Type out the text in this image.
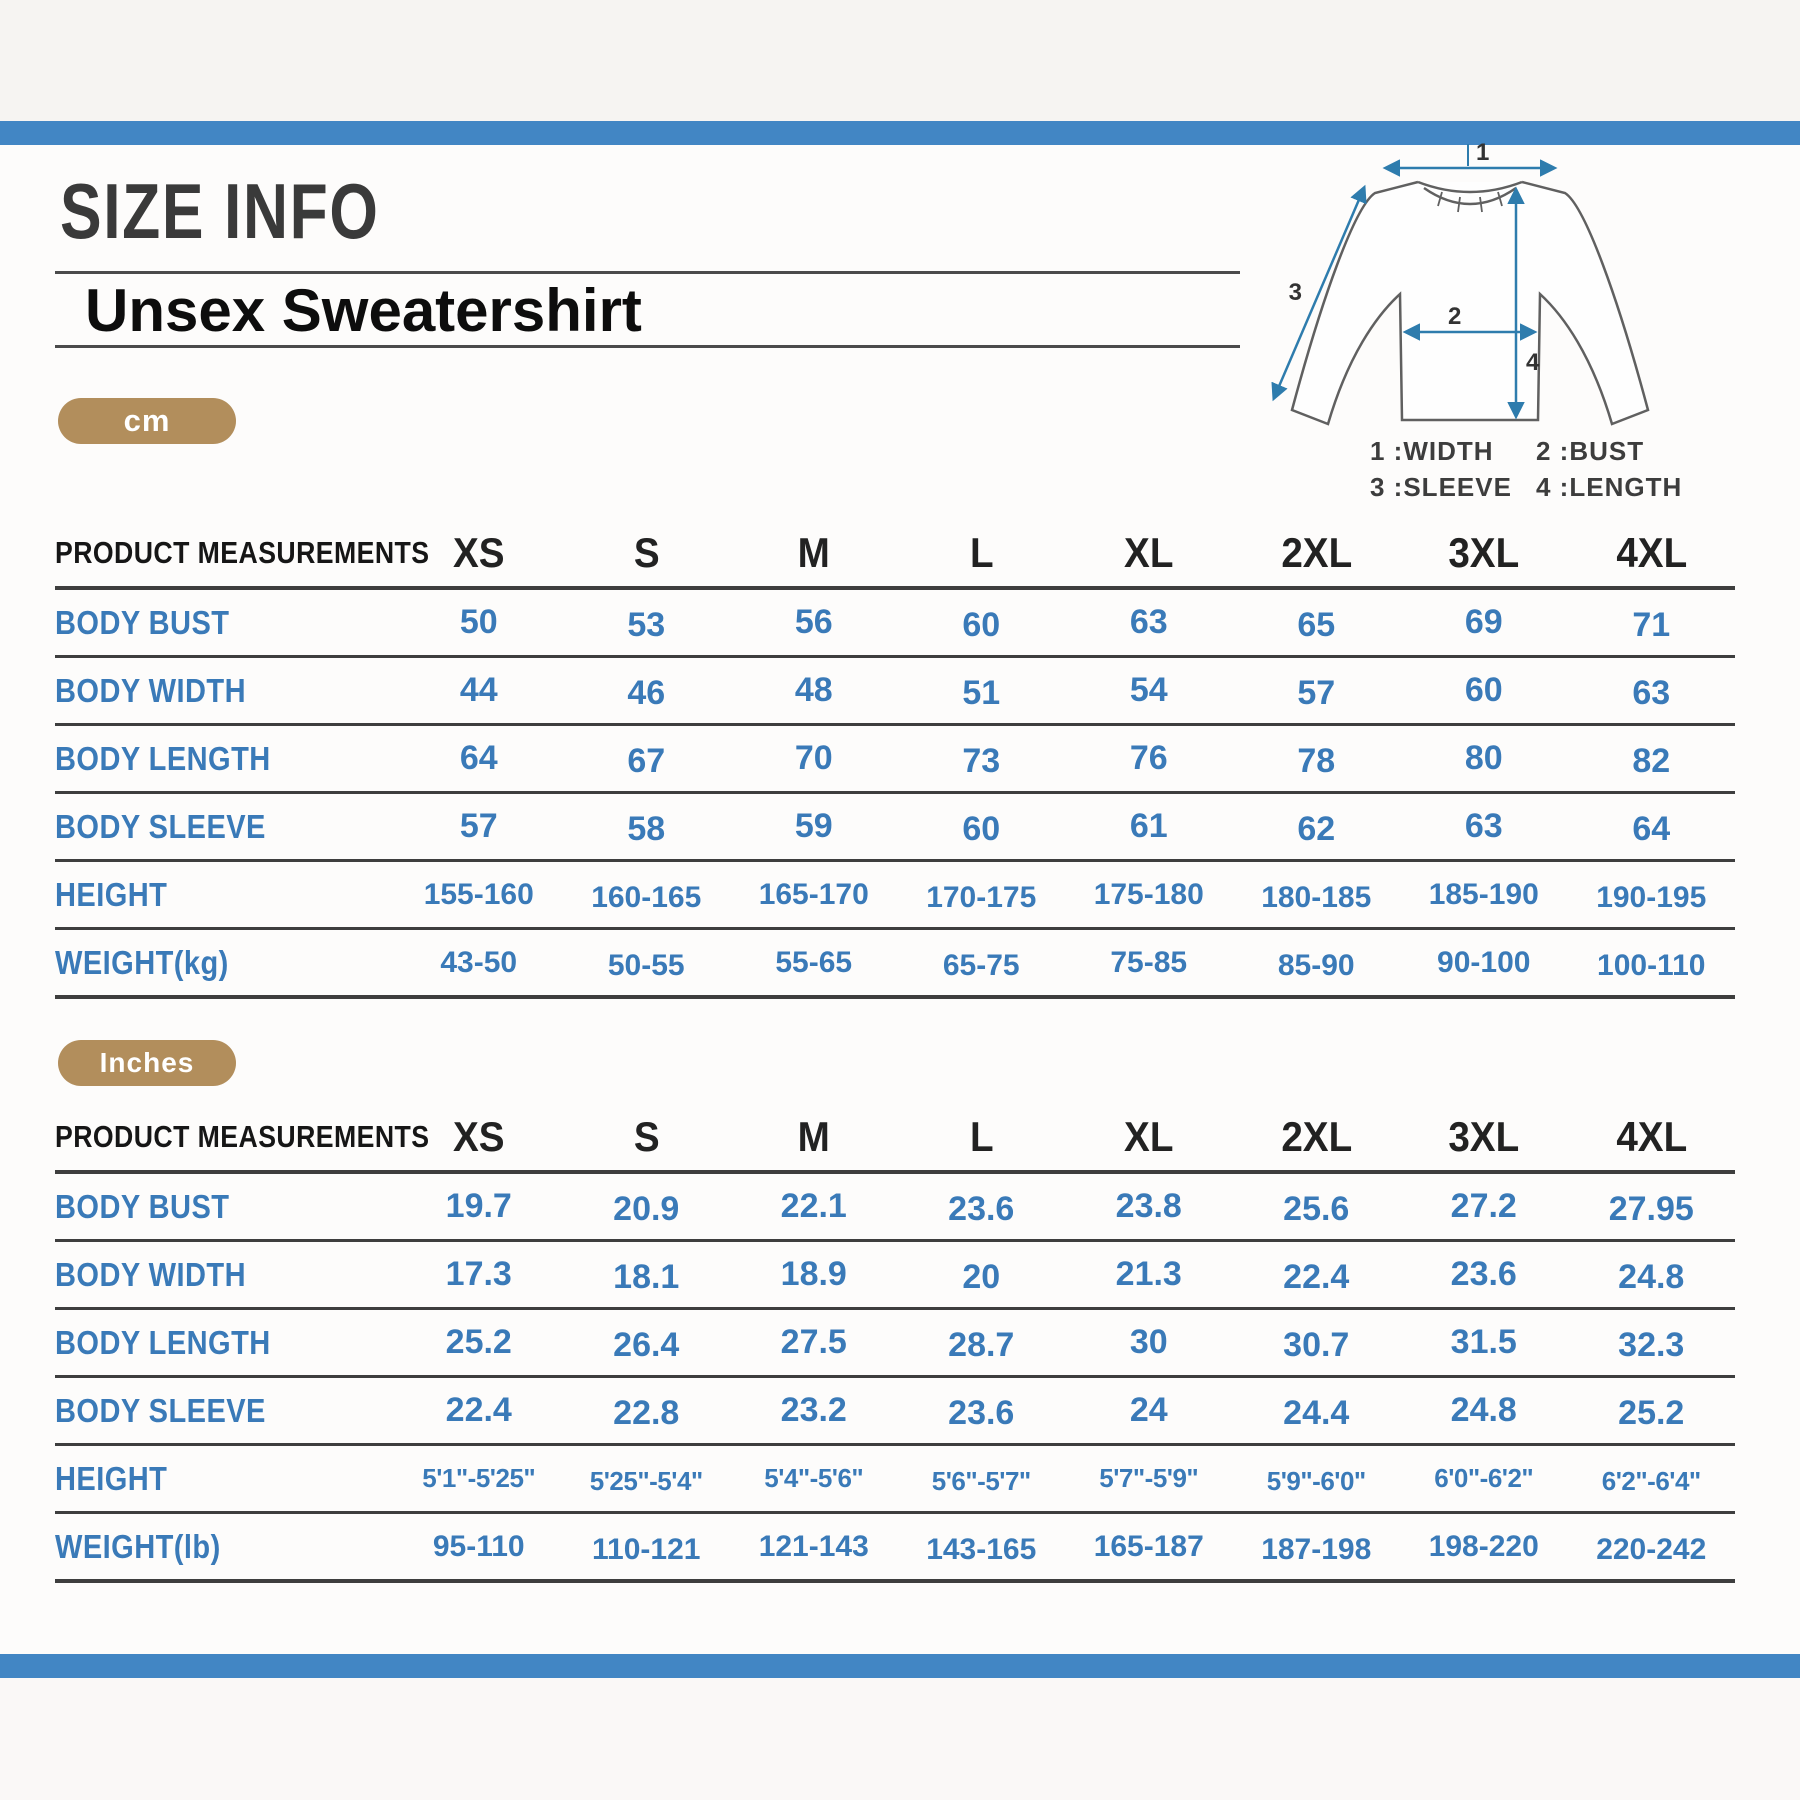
SIZE INFO
Unsex Sweatershirt
1
2
3
4
1 :WIDTH	2 :BUST
3 :SLEEVE 4 :LENGTH
cm
PRODUCT MEASUREMENTS XS	S	M	L	XL	2XL	3XL	4XL
BODY BUST	50	53	56	60	63	65	69	71
BODY WIDTH	44	46	48	51	54	57	60	63
BODY LENGTH	64	67	70	73	76	78	80	82
BODY SLEEVE	57	58	59	60	61	62	63	64
HEIGHT	155-160	160-165	165-170	170-175	175-180	180-185	185-190	190-195
WEIGHT(kg)	43-50	50-55	55-65	65-75	75-85	85-90	90-100	100-110
Inches
PRODUCT MEASUREMENTS XS	S	M	L	XL	2XL	3XL	4XL
BODY BUST	19.7	20.9	22.1	23.6	23.8	25.6	27.2	27.95
BODY WIDTH	17.3	18.1	18.9	20	21.3	22.4	23.6	24.8
BODY LENGTH	25.2	26.4	27.5	28.7	30	30.7	31.5	32.3
BODY SLEEVE	22.4	22.8	23.2	23.6	24	24.4	24.8	25.2
HEIGHT	5'1"-5'25"	5'25"-5'4"	5'4"-5'6"	5'6"-5'7"	5'7"-5'9"	5'9"-6'0"	6'0"-6'2"	6'2"-6'4"
WEIGHT(lb)	95-110	110-121	121-143	143-165	165-187	187-198	198-220	220-242
